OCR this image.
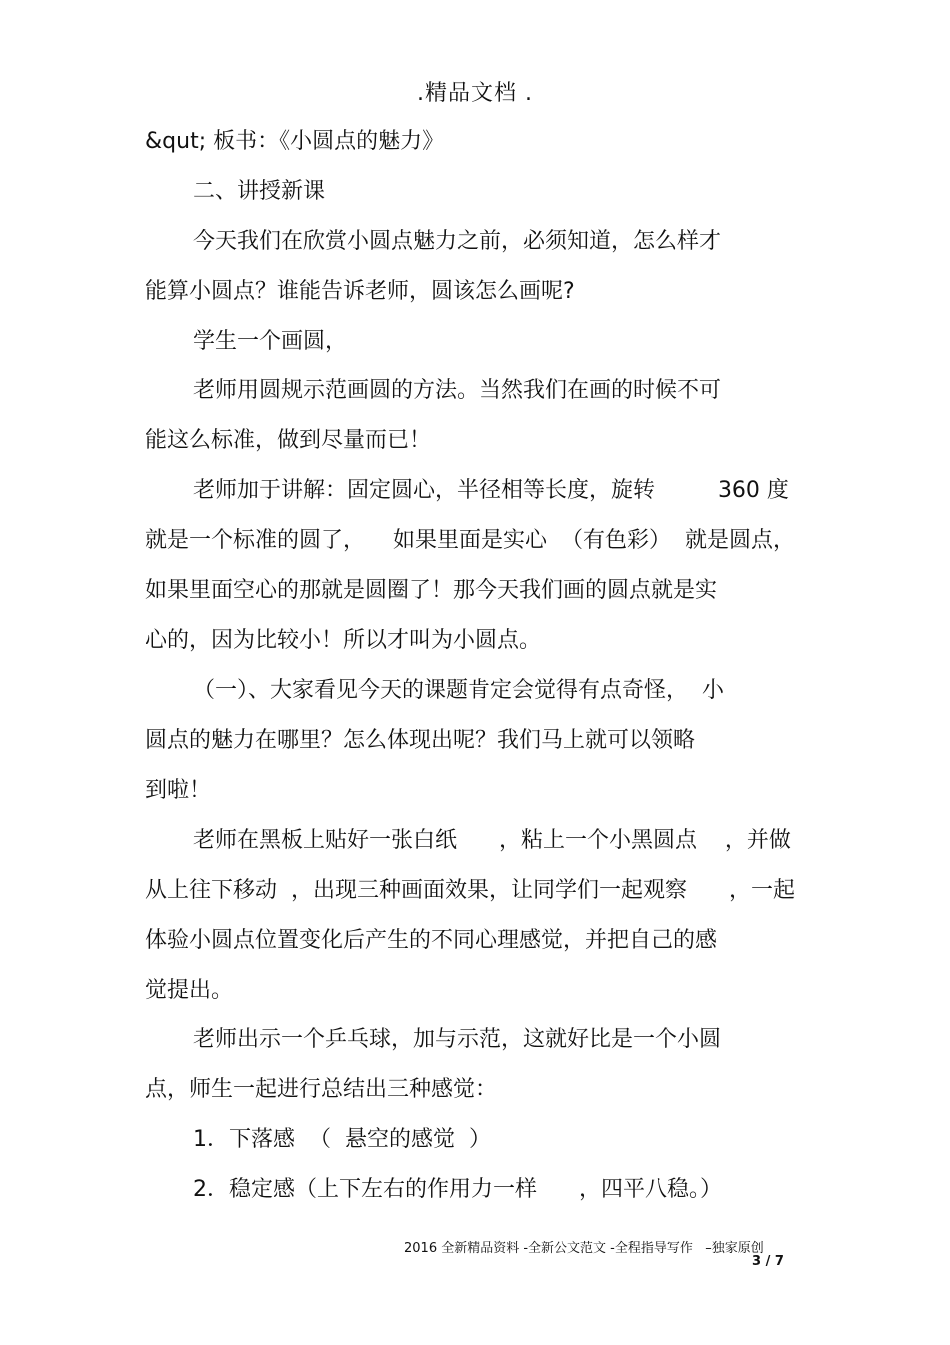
.精品文档 .
&qut; 板书：《小圆点的魅力》
二、讲授新课
今天我们在欣赏小圆点魅力之前，必须知道，怎么样才
能算小圆点？谁能告诉老师，圆该怎么画呢?
学生一个画圆，
老师用圆规示范画圆的方法。当然我们在画的时候不可
能这么标准，做到尽量而已！
老师加于讲解：固定圆心，半径相等长度，旋转         360 度
就是一个标准的圆了，    如果里面是实心  （有色彩）  就是圆点，
如果里面空心的那就是圆圈了！那今天我们画的圆点就是实
心的，因为比较小！所以才叫为小圆点。
（一）、大家看见今天的课题肯定会觉得有点奇怪，  小
圆点的魅力在哪里？怎么体现出呢？我们马上就可以领略
到啦！
老师在黑板上贴好一张白纸      ，粘上一个小黑圆点    ，并做
从上往下移动  ，出现三种画面效果，让同学们一起观察      ，一起
体验小圆点位置变化后产生的不同心理感觉，并把自己的感
觉提出。
老师出示一个乒乓球，加与示范，这就好比是一个小圆
点，师生一起进行总结出三种感觉：
1．下落感  （  悬空的感觉  ）
2．稳定感（上下左右的作用力一样      ，四平八稳。）
2016 全新精品资料 -全新公文范文 -全程指导写作   –独家原创
3 / 7
